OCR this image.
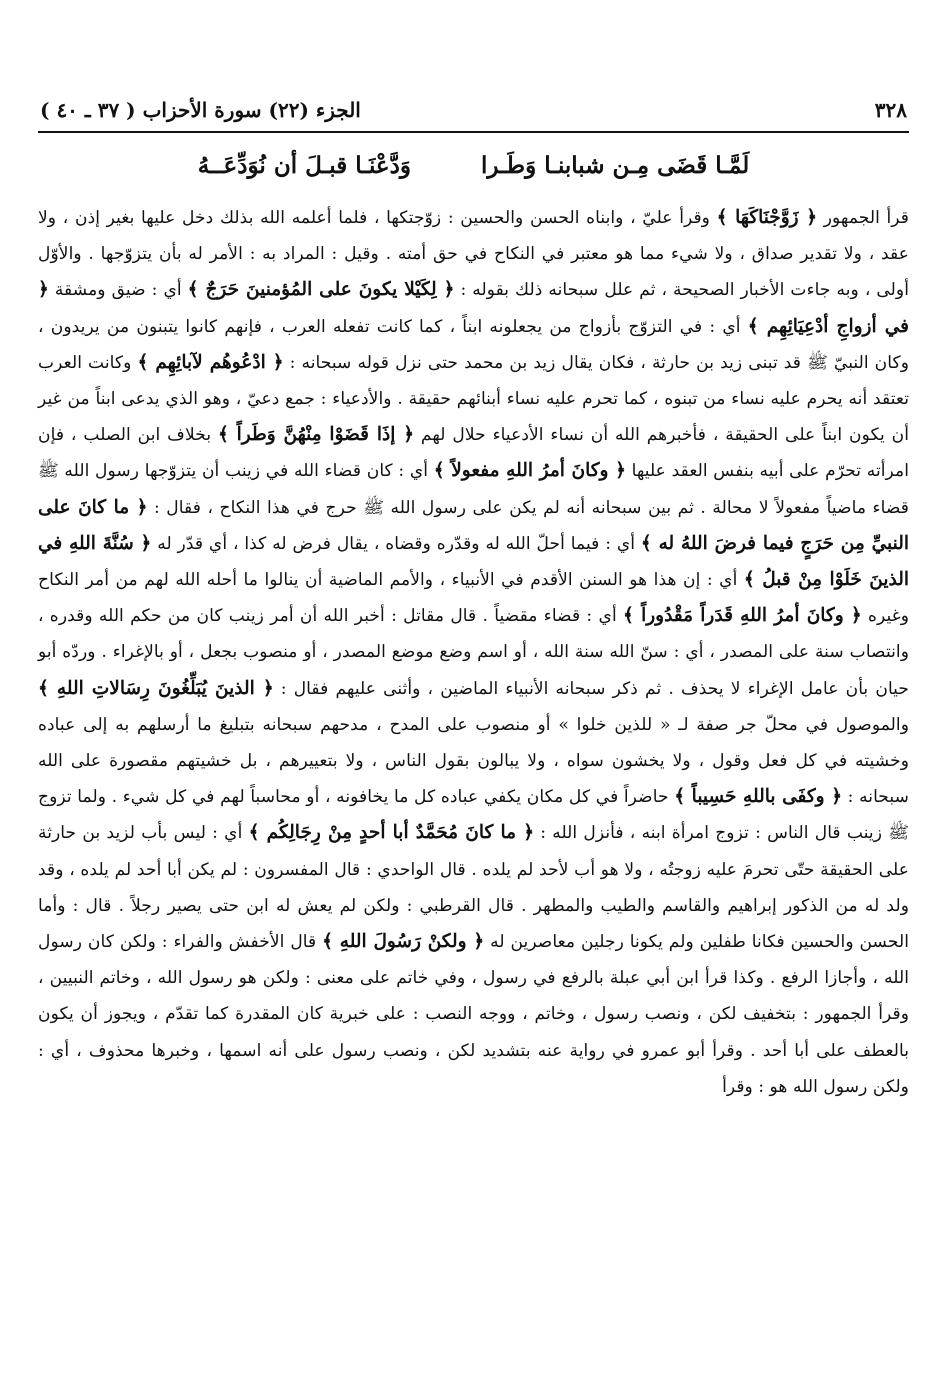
٣٢٨
الجزء (٢٢) سورة الأحزاب ( ٣٧ ـ ٤٠ )
لَمَّـا قَضَى مِـن شبابنـا وَطَـرا
وَدَّعْنَـا قبـلَ أن نُوَدِّعَــهُ

قرأ الجمهور ﴿ زَوَّجْنَاكَهَا ﴾ وقرأ عليّ ، وابناه الحسن والحسين : زوّجتكها ، فلما أعلمه الله بذلك دخل عليها بغير إذن ، ولا عقد ، ولا تقدير صداق ، ولا شيء مما هو معتبر في النكاح في حق أمته . وقيل : المراد به : الأمر له بأن يتزوّجها . والأوّل أولى ، وبه جاءت الأخبار الصحيحة ، ثم علل سبحانه ذلك بقوله : ﴿ لِكَيْلا يكونَ على المُؤمنينَ حَرَجٌ ﴾ أي : ضيق ومشقة ﴿ في أزواجِ أدْعِيَائِهِم ﴾ أي : في التزوّج بأزواج من يجعلونه ابناً ، كما كانت تفعله العرب ، فإنهم كانوا يتبنون من يريدون ، وكان النبيّ ﷺ قد تبنى زيد بن حارثة ، فكان يقال زيد بن محمد حتى نزل قوله سبحانه : ﴿ ادْعُوهُم لآبائِهِم ﴾ وكانت العرب تعتقد أنه يحرم عليه نساء من تبنوه ، كما تحرم عليه نساء أبنائهم حقيقة . والأدعياء : جمع دعيّ ، وهو الذي يدعى ابناً من غير أن يكون ابناً على الحقيقة ، فأخبرهم الله أن نساء الأدعياء حلال لهم ﴿ إذَا قَضَوْا مِنْهُنَّ وَطَراً ﴾ بخلاف ابن الصلب ، فإن امرأته تحرّم على أبيه بنفس العقد عليها ﴿ وكانَ أمرُ اللهِ مفعولاً ﴾ أي : كان قضاء الله في زينب أن يتزوّجها رسول الله ﷺ قضاء ماضياً مفعولاً لا محالة . ثم بين سبحانه أنه لم يكن على رسول الله ﷺ حرج في هذا النكاح ، فقال : ﴿ ما كانَ على النبيِّ مِن حَرَجٍ فيما فرضَ اللهُ له ﴾ أي : فيما أحلّ الله له وقدّره وقضاه ، يقال فرض له كذا ، أي قدّر له ﴿ سُنَّةَ اللهِ في الذينَ خَلَوْا مِنْ قبلُ ﴾ أي : إن هذا هو السنن الأقدم في الأنبياء ، والأمم الماضية أن ينالوا ما أحله الله لهم من أمر النكاح وغيره ﴿ وكانَ أمرُ اللهِ قَدَراً مَقْدُوراً ﴾ أي : قضاء مقضياً . قال مقاتل : أخبر الله أن أمر زينب كان من حكم الله وقدره ، وانتصاب سنة على المصدر ، أي : سنّ الله سنة الله ، أو اسم وضع موضع المصدر ، أو منصوب بجعل ، أو بالإغراء . وردّه أبو حيان بأن عامل الإغراء لا يحذف . ثم ذكر سبحانه الأنبياء الماضين ، وأثنى عليهم فقال : ﴿ الذينَ يُبَلِّغُونَ رِسَالاتِ اللهِ ﴾ والموصول في محلّ جر صفة لـ « للذين خلوا » أو منصوب على المدح ، مدحهم سبحانه بتبليغ ما أرسلهم به إلى عباده وخشيته في كل فعل وقول ، ولا يخشون سواه ، ولا يبالون بقول الناس ، ولا بتعييرهم ، بل خشيتهم مقصورة على الله سبحانه : ﴿ وكفَى باللهِ حَسِيباً ﴾ حاضراً في كل مكان يكفي عباده كل ما يخافونه ، أو محاسباً لهم في كل شيء . ولما تزوج ﷺ زينب قال الناس : تزوج امرأة ابنه ، فأنزل الله : ﴿ ما كانَ مُحَمَّدٌ أبا أحدٍ مِنْ رِجَالِكُم ﴾ أي : ليس بأب لزيد بن حارثة على الحقيقة حتّى تحرمَ عليه زوجتُه ، ولا هو أب لأحد لم يلده . قال الواحدي : قال المفسرون : لم يكن أبا أحد لم يلده ، وقد ولد له من الذكور إبراهيم والقاسم والطيب والمطهر . قال القرطبي : ولكن لم يعش له ابن حتى يصير رجلاً . قال : وأما الحسن والحسين فكانا طفلين ولم يكونا رجلين معاصرين له ﴿ ولكنْ رَسُولَ اللهِ ﴾ قال الأخفش والفراء : ولكن كان رسول الله ، وأجازا الرفع . وكذا قرأ ابن أبي عبلة بالرفع في رسول ، وفي خاتم على معنى : ولكن هو رسول الله ، وخاتم النبيين ، وقرأ الجمهور : بتخفيف لكن ، ونصب رسول ، وخاتم ، ووجه النصب : على خبرية كان المقدرة كما تقدّم ، ويجوز أن يكون بالعطف على أبا أحد . وقرأ أبو عمرو في رواية عنه بتشديد لكن ، ونصب رسول على أنه اسمها ، وخبرها محذوف ، أي : ولكن رسول الله هو : وقرأ
